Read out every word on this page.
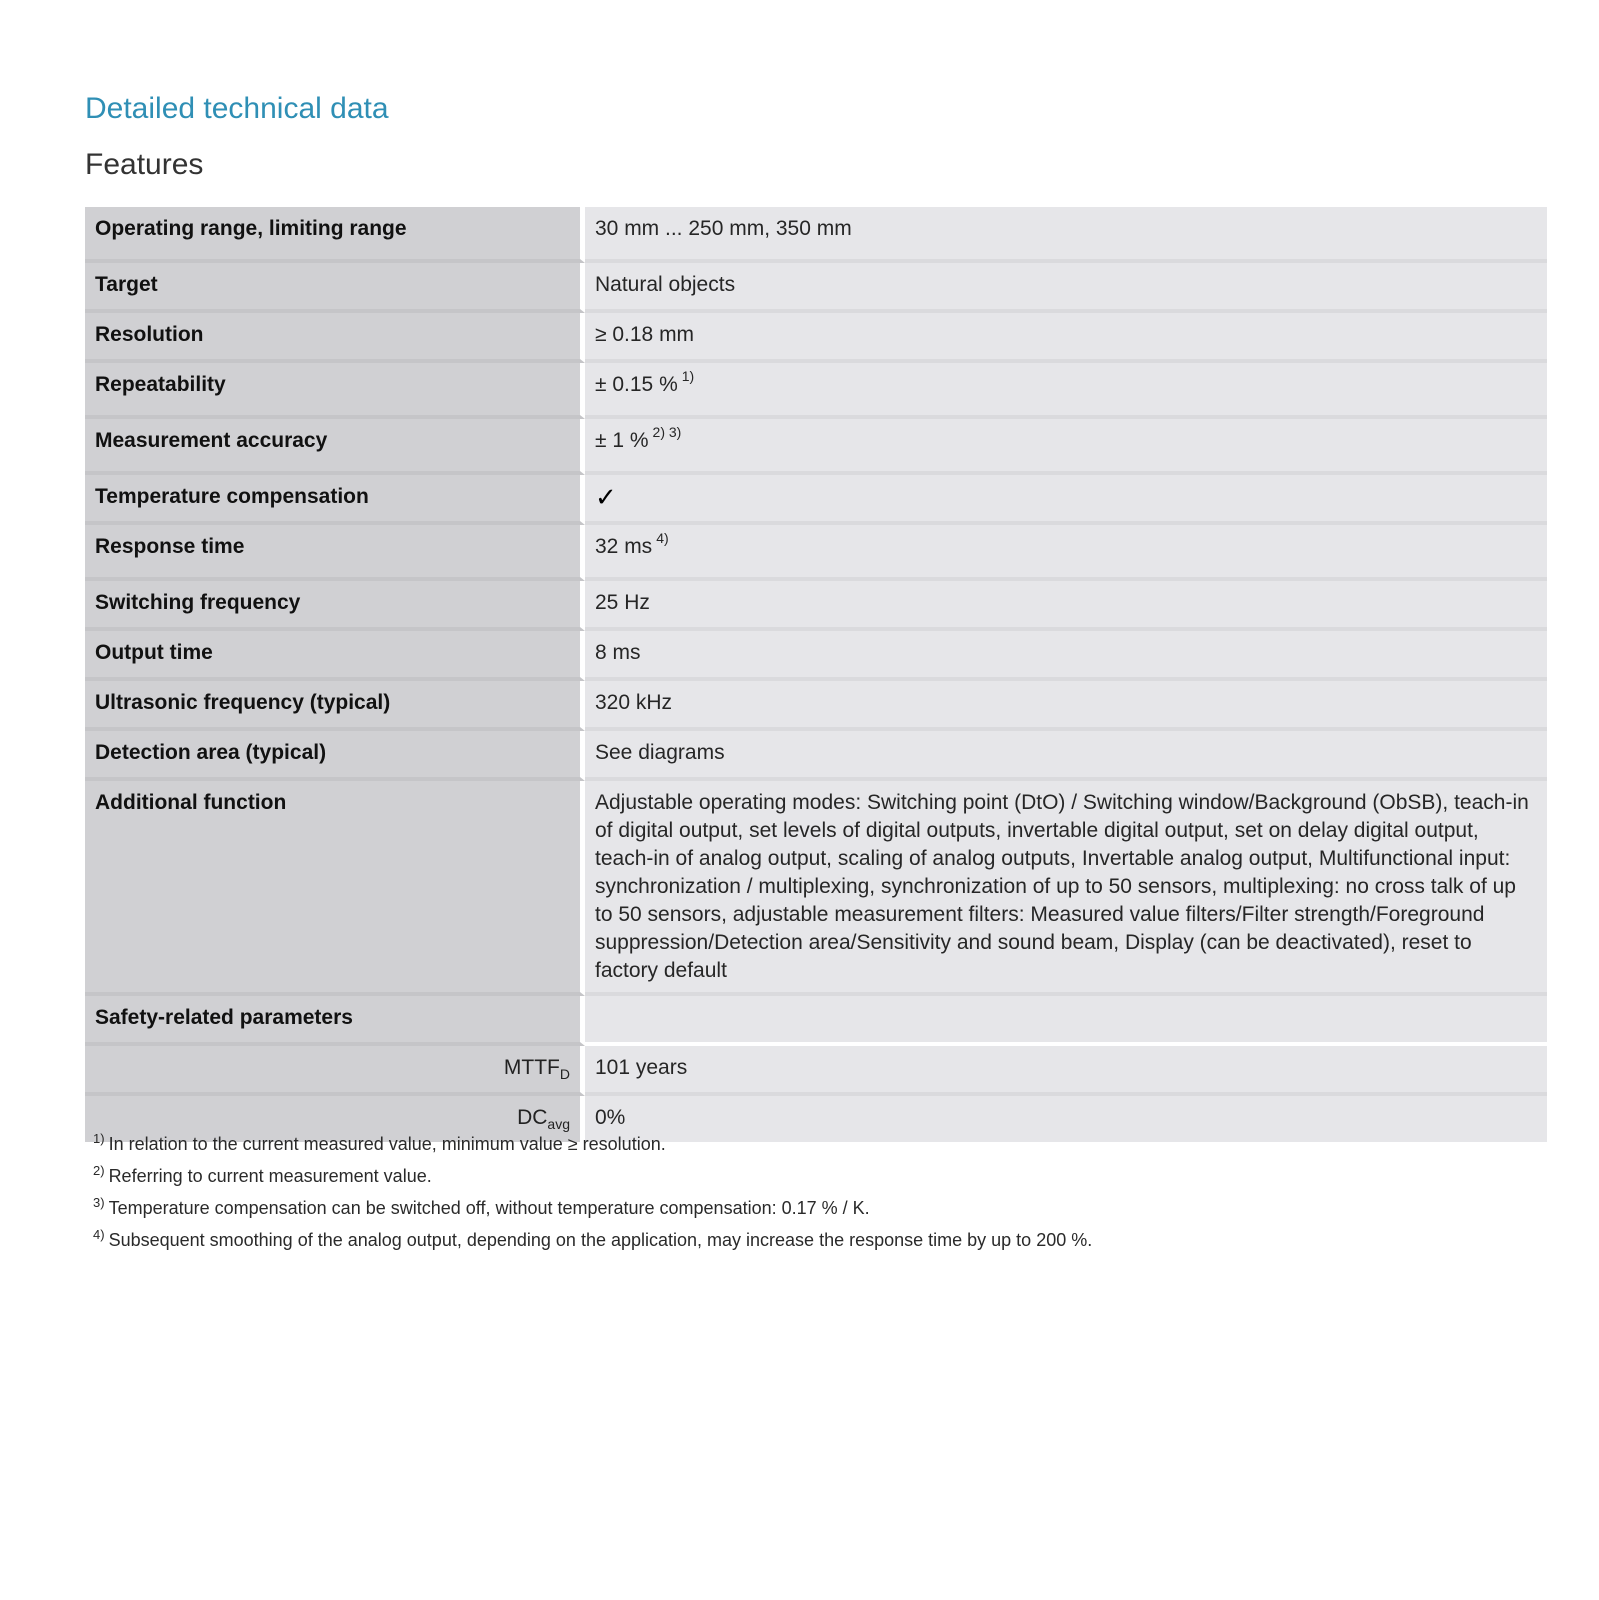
Detailed technical data
Features
Operating range, limiting range	30 mm ... 250 mm, 350 mm
Target	Natural objects
Resolution	≥ 0.18 mm
Repeatability	± 0.15 % $^{1)}$
Measurement accuracy	± 1 % $^{2) 3)}$
Temperature compensation	✓
Response time	32 ms $^{4)}$
Switching frequency	25 Hz
Output time	8 ms
Ultrasonic frequency (typical)	320 kHz
Detection area (typical)	See diagrams
Additional function	Adjustable operating modes: Switching point (DtO) / Switching window/Background (ObSB), teach-in of digital output, set levels of digital outputs, invertable digital output, set on delay digital output, teach-in of analog output, scaling of analog outputs, Invertable analog output, Multifunctional input: synchronization / multiplexing, synchronization of up to 50 sensors, multiplexing: no cross talk of up to 50 sensors, adjustable measurement filters: Measured value filters/Filter strength/Foreground suppression/Detection area/Sensitivity and sound beam, Display (can be deactivated), reset to factory default
Safety-related parameters	
$MTTF_D$	101 years
$DC_{avg}$	0%
$^{1)}$ In relation to the current measured value, minimum value ≥ resolution.
$^{2)}$ Referring to current measurement value.
$^{3)}$ Temperature compensation can be switched off, without temperature compensation: 0.17 % / K.
$^{4)}$ Subsequent smoothing of the analog output, depending on the application, may increase the response time by up to 200 %.
